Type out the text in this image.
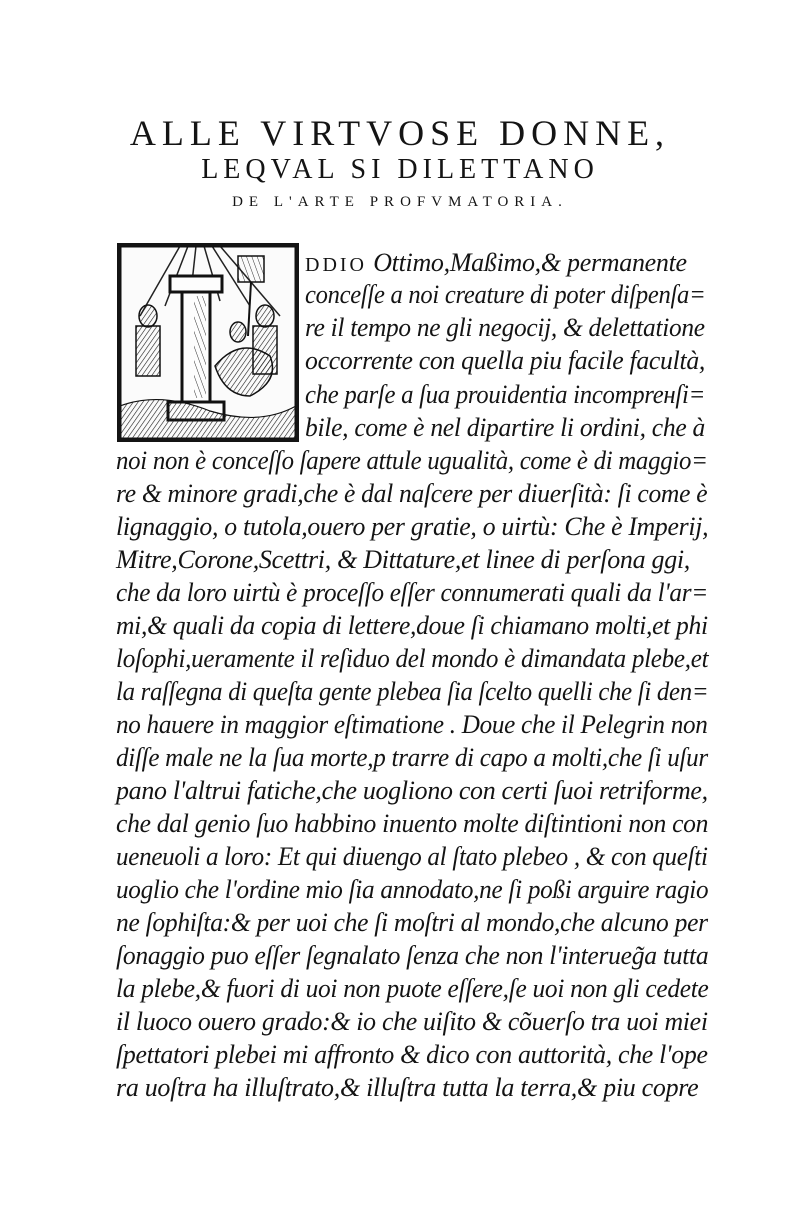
ALLE VIRTVOSE DONNE,
LEQVAL SI DILETTANO
DE L'ARTE PROFVMATORIA.
DDIO Ottimo,Maßimo,& permanente
conceſſe a noi creature di poter diſpenſa=
re il tempo ne gli negocij, & delettatione
occorrente con quella piu facile facultà,
che parſe a ſua prouidentia incompreнſi=
bile, come è nel dipartire li ordini, che à
noi non è conceſſo ſapere attule ugualità, come è di maggio=
re & minore gradi,che è dal naſcere per diuerſità: ſi come è
lignaggio, o tutola,ouero per gratie, o uirtù: Che è Imperij,
Mitre,Corone,Scettri, & Dittature,et linee di perſona ggi,
che da loro uirtù è proceſſo eſſer connumerati quali da l'ar=
mi,& quali da copia di lettere,doue ſi chiamano molti,et phi
loſophi,ueramente il reſiduo del mondo è dimandata plebe,et
la raſſegna di queſta gente plebea ſia ſcelto quelli che ſi den=
no hauere in maggior eſtimatione . Doue che il Pelegrin non
diſſe male ne la ſua morte,p trarre di capo a molti,che ſi uſur
pano l'altrui fatiche,che uogliono con certi ſuoi retriforme,
che dal genio ſuo habbino inuento molte diſtintioni non con
ueneuoli a loro: Et qui diuengo al ſtato plebeo , & con queſti
uoglio che l'ordine mio ſia annodato,ne ſi poßi arguire ragio
ne ſophiſta:& per uoi che ſi moſtri al mondo,che alcuno per
ſonaggio puo eſſer ſegnalato ſenza che non l'interueg̃a tutta
la plebe,& fuori di uoi non puote eſſere,ſe uoi non gli cedete
il luoco ouero grado:& io che uiſito & cõuerſo tra uoi miei
ſpettatori plebei mi affronto & dico con auttorità, che l'ope
ra uoſtra ha illuſtrato,& illuſtra tutta la terra,& piu copre
